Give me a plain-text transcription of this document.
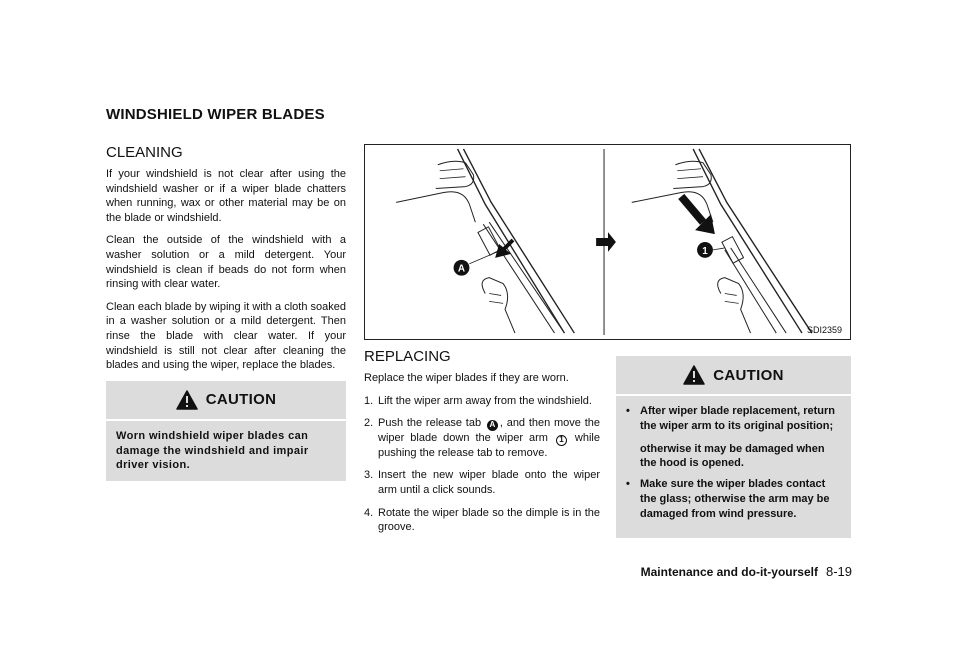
WINDSHIELD WIPER BLADES
CLEANING

If your windshield is not clear after using the windshield washer or if a wiper blade chatters when running, wax or other material may be on the blade or windshield.

Clean the outside of the windshield with a washer solution or a mild detergent. Your windshield is clean if beads do not form when rinsing with clear water.

Clean each blade by wiping it with a cloth soaked in a washer solution or a mild detergent. Then rinse the blade with clear water. If your windshield is still not clear after cleaning the blades and using the wiper, replace the blades.

CAUTION
Worn windshield wiper blades can damage the windshield and impair driver vision.
A
1
SDI2359
REPLACING

Replace the wiper blades if they are worn.

1. Lift the wiper arm away from the windshield.
2. Push the release tab A , and then move the wiper blade down the wiper arm 1 while pushing the release tab to remove.
3. Insert the new wiper blade onto the wiper arm until a click sounds.
4. Rotate the wiper blade so the dimple is in the groove.
CAUTION
• After wiper blade replacement, return the wiper arm to its original position;
otherwise it may be damaged when the hood is opened.
• Make sure the wiper blades contact the glass; otherwise the arm may be damaged from wind pressure.
Maintenance and do-it-yourself 8-19
